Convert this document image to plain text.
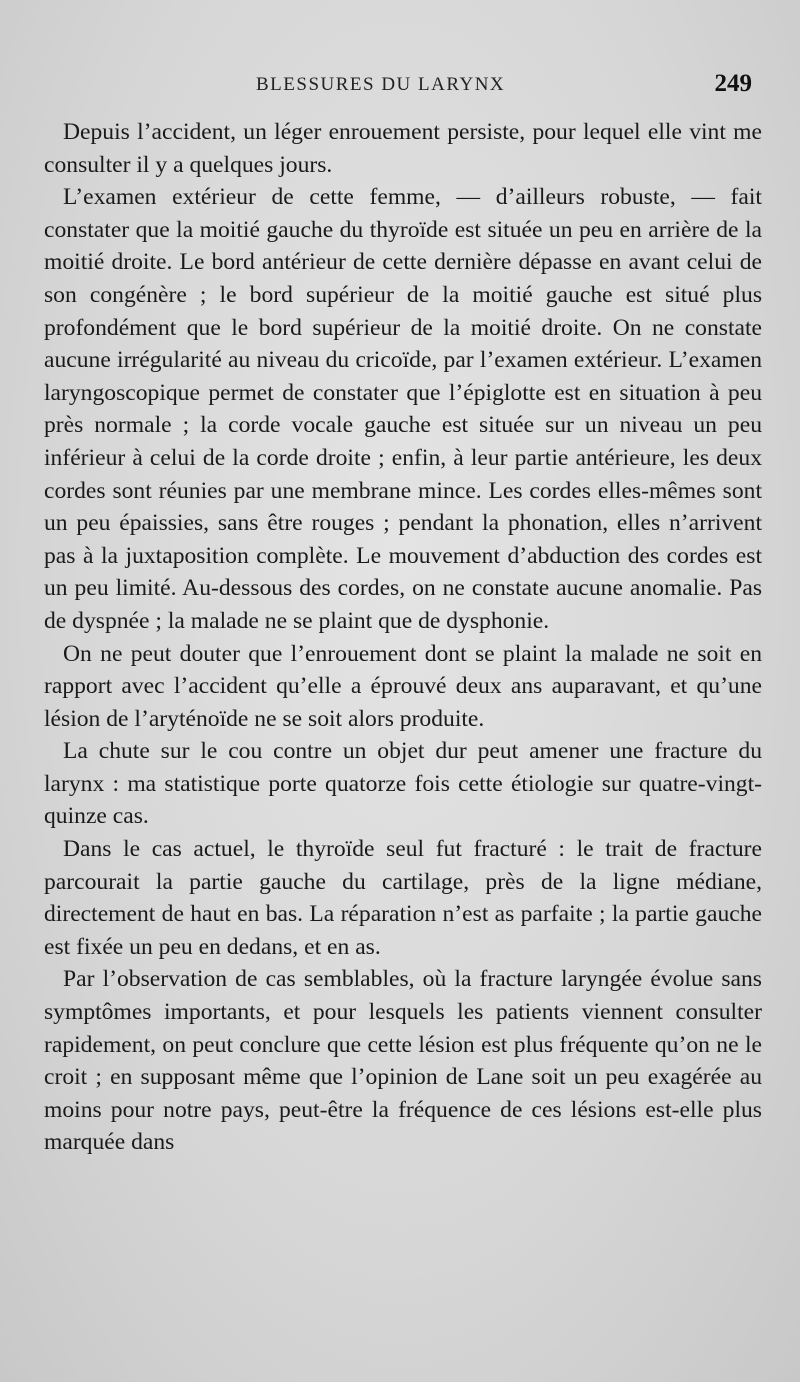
BLESSURES DU LARYNX	249

Depuis l’accident, un léger enrouement persiste, pour lequel elle vint me consulter il y a quelques jours.

L’examen extérieur de cette femme, — d’ailleurs robuste, — fait constater que la moitié gauche du thyroïde est située un peu en arrière de la moitié droite. Le bord antérieur de cette dernière dépasse en avant celui de son congénère ; le bord supérieur de la moitié gauche est situé plus profondément que le bord supérieur de la moitié droite. On ne constate aucune irrégularité au niveau du cricoïde, par l’examen extérieur. L’examen laryngoscopique permet de constater que l’épiglotte est en situation à peu près normale ; la corde vocale gauche est située sur un niveau un peu inférieur à celui de la corde droite ; enfin, à leur partie antérieure, les deux cordes sont réunies par une membrane mince. Les cordes elles-mêmes sont un peu épaissies, sans être rouges ; pendant la phonation, elles n’arrivent pas à la juxtaposition complète. Le mouvement d’abduction des cordes est un peu limité. Au-dessous des cordes, on ne constate aucune anomalie. Pas de dyspnée ; la malade ne se plaint que de dysphonie.

On ne peut douter que l’enrouement dont se plaint la malade ne soit en rapport avec l’accident qu’elle a éprouvé deux ans auparavant, et qu’une lésion de l’aryténoïde ne se soit alors produite.

La chute sur le cou contre un objet dur peut amener une fracture du larynx : ma statistique porte quatorze fois cette étiologie sur quatre-vingt-quinze cas.

Dans le cas actuel, le thyroïde seul fut fracturé : le trait de fracture parcourait la partie gauche du cartilage, près de la ligne médiane, directement de haut en bas. La réparation n’est as parfaite ; la partie gauche est fixée un peu en dedans, et en as.

Par l’observation de cas semblables, où la fracture laryngée évolue sans symptômes importants, et pour lesquels les patients viennent consulter rapidement, on peut conclure que cette lésion est plus fréquente qu’on ne le croit ; en supposant même que l’opinion de Lane soit un peu exagérée au moins pour notre pays, peut-être la fréquence de ces lésions est-elle plus marquée dans
